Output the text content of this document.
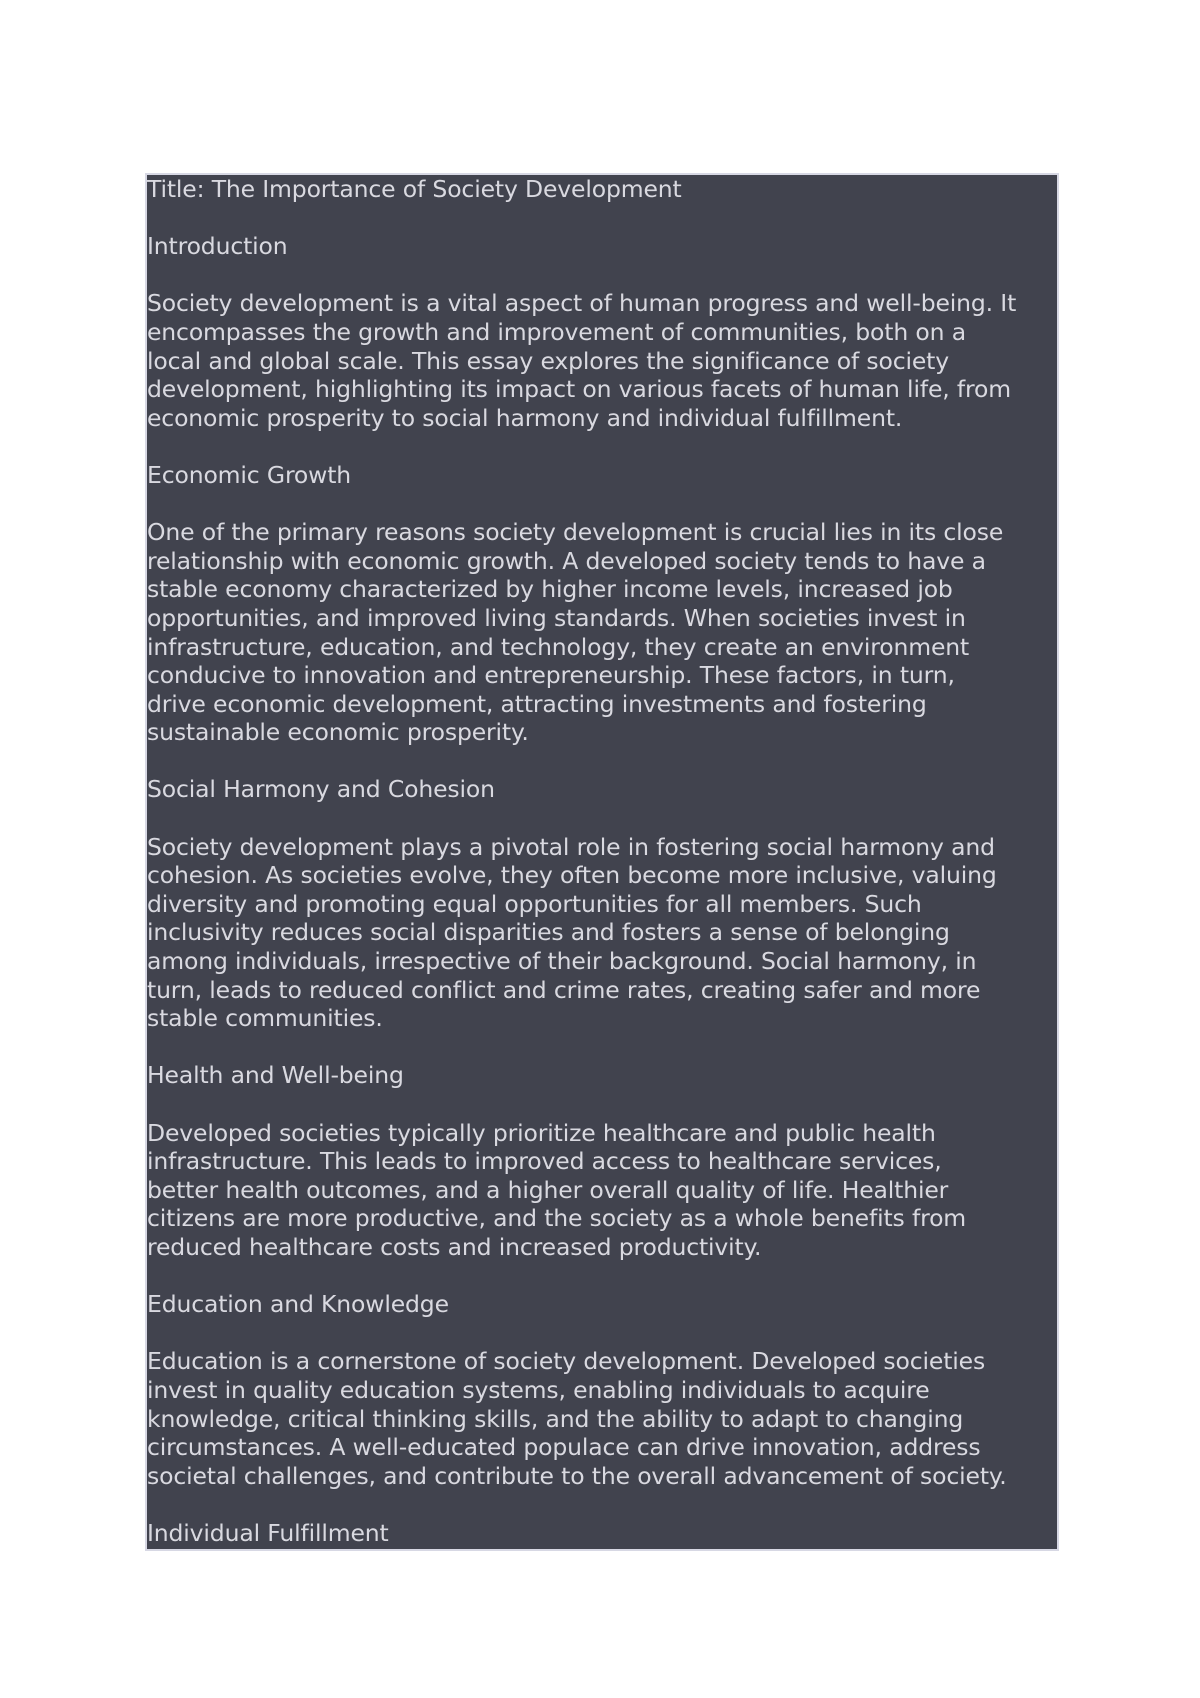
Title: The Importance of Society Development

Introduction

Society development is a vital aspect of human progress and well-being. It
encompasses the growth and improvement of communities, both on a
local and global scale. This essay explores the significance of society
development, highlighting its impact on various facets of human life, from
economic prosperity to social harmony and individual fulfillment.

Economic Growth

One of the primary reasons society development is crucial lies in its close
relationship with economic growth. A developed society tends to have a
stable economy characterized by higher income levels, increased job
opportunities, and improved living standards. When societies invest in
infrastructure, education, and technology, they create an environment
conducive to innovation and entrepreneurship. These factors, in turn,
drive economic development, attracting investments and fostering
sustainable economic prosperity.

Social Harmony and Cohesion

Society development plays a pivotal role in fostering social harmony and
cohesion. As societies evolve, they often become more inclusive, valuing
diversity and promoting equal opportunities for all members. Such
inclusivity reduces social disparities and fosters a sense of belonging
among individuals, irrespective of their background. Social harmony, in
turn, leads to reduced conflict and crime rates, creating safer and more
stable communities.

Health and Well-being

Developed societies typically prioritize healthcare and public health
infrastructure. This leads to improved access to healthcare services,
better health outcomes, and a higher overall quality of life. Healthier
citizens are more productive, and the society as a whole benefits from
reduced healthcare costs and increased productivity.

Education and Knowledge

Education is a cornerstone of society development. Developed societies
invest in quality education systems, enabling individuals to acquire
knowledge, critical thinking skills, and the ability to adapt to changing
circumstances. A well-educated populace can drive innovation, address
societal challenges, and contribute to the overall advancement of society.

Individual Fulfillment
